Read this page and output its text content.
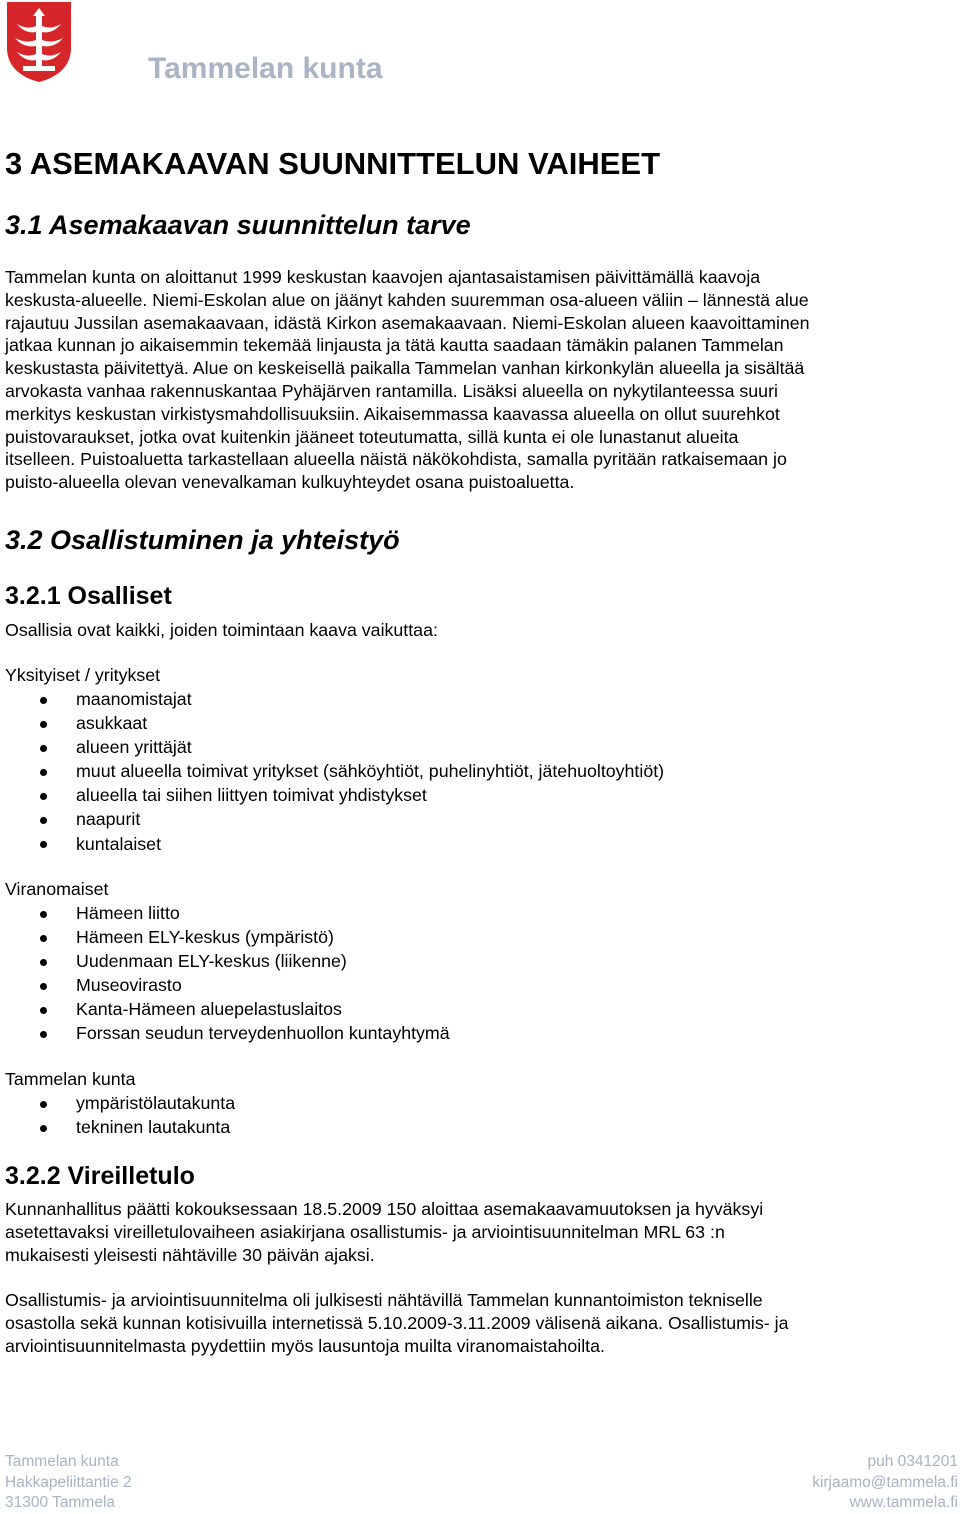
Tammelan kunta
3 ASEMAKAAVAN SUUNNITTELUN VAIHEET
3.1 Asemakaavan suunnittelun tarve
Tammelan kunta on aloittanut 1999 keskustan kaavojen ajantasaistamisen päivittämällä kaavoja
keskusta-alueelle. Niemi-Eskolan alue on jäänyt kahden suuremman osa-alueen väliin – lännestä alue
rajautuu Jussilan asemakaavaan, idästä Kirkon asemakaavaan. Niemi-Eskolan alueen kaavoittaminen
jatkaa kunnan jo aikaisemmin tekemää linjausta ja tätä kautta saadaan tämäkin palanen Tammelan
keskustasta päivitettyä. Alue on keskeisellä paikalla Tammelan vanhan kirkonkylän alueella ja sisältää
arvokasta vanhaa rakennuskantaa Pyhäjärven rantamilla. Lisäksi alueella on nykytilanteessa suuri
merkitys keskustan virkistysmahdollisuuksiin. Aikaisemmassa kaavassa alueella on ollut suurehkot
puistovaraukset, jotka ovat kuitenkin jääneet toteutumatta, sillä kunta ei ole lunastanut alueita
itselleen. Puistoaluetta tarkastellaan alueella näistä näkökohdista, samalla pyritään ratkaisemaan jo
puisto-alueella olevan venevalkaman kulkuyhteydet osana puistoaluetta.
3.2 Osallistuminen ja yhteistyö
3.2.1 Osalliset
Osallisia ovat kaikki, joiden toimintaan kaava vaikuttaa:
Yksityiset / yritykset
maanomistajat
asukkaat
alueen yrittäjät
muut alueella toimivat yritykset (sähköyhtiöt, puhelinyhtiöt, jätehuoltoyhtiöt)
alueella tai siihen liittyen toimivat yhdistykset
naapurit
kuntalaiset
Viranomaiset
Hämeen liitto
Hämeen ELY-keskus (ympäristö)
Uudenmaan ELY-keskus (liikenne)
Museovirasto
Kanta-Hämeen aluepelastuslaitos
Forssan seudun terveydenhuollon kuntayhtymä
Tammelan kunta
ympäristölautakunta
tekninen lautakunta
3.2.2 Vireilletulo
Kunnanhallitus päätti kokouksessaan 18.5.2009 150 aloittaa asemakaavamuutoksen ja hyväksyi
asetettavaksi vireilletulovaiheen asiakirjana osallistumis- ja arviointisuunnitelman MRL 63 :n
mukaisesti yleisesti nähtäville 30 päivän ajaksi.
Osallistumis- ja arviointisuunnitelma oli julkisesti nähtävillä Tammelan kunnantoimiston tekniselle
osastolla sekä kunnan kotisivuilla internetissä 5.10.2009-3.11.2009 välisenä aikana. Osallistumis- ja
arviointisuunnitelmasta pyydettiin myös lausuntoja muilta viranomaistahoilta.
Tammelan kunta
Hakkapeliittantie 2
31300 Tammela
puh 0341201
kirjaamo@tammela.fi
www.tammela.fi
